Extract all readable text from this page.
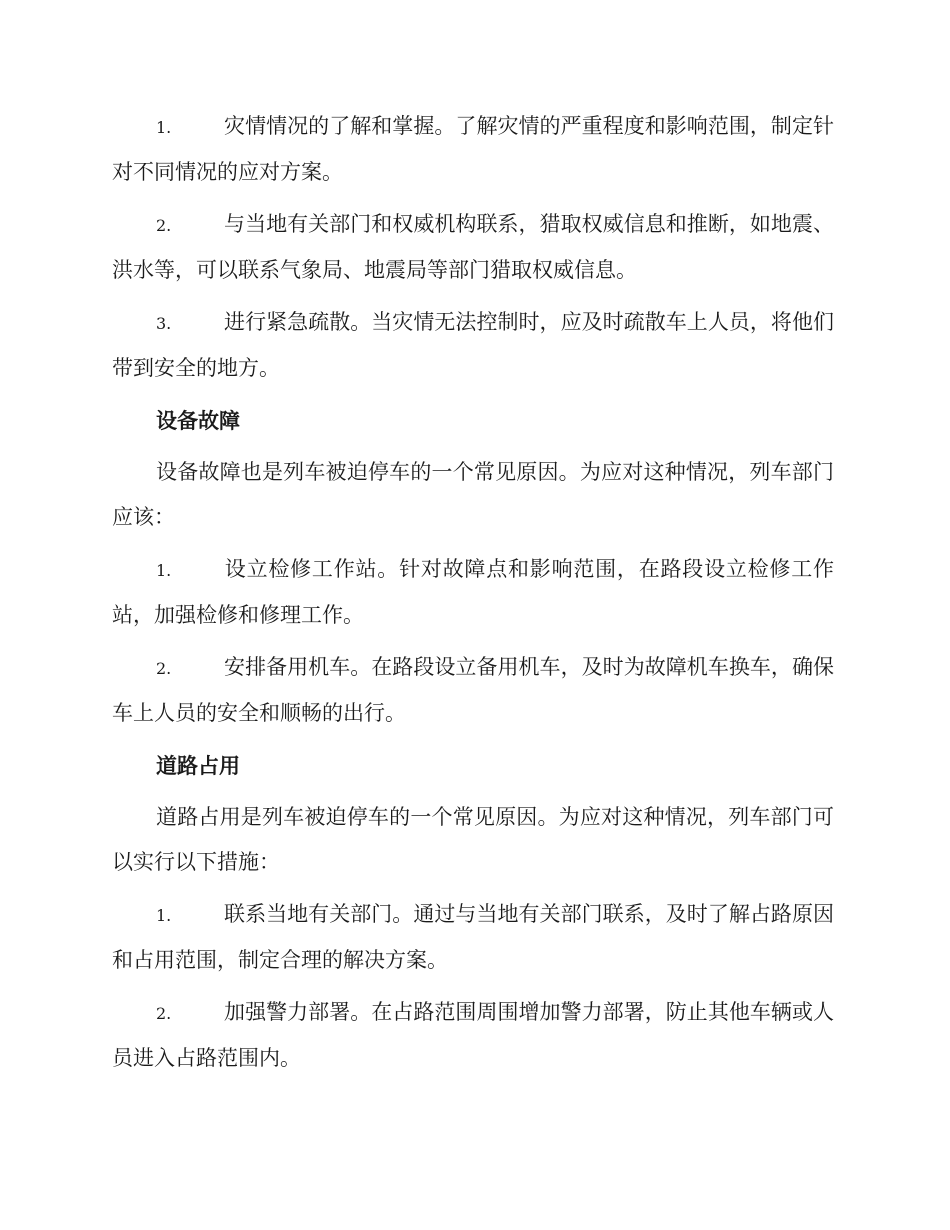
1.	灾情情况的了解和掌握。了解灾情的严重程度和影响范围，制定针对不同情况的应对方案。

2.	与当地有关部门和权威机构联系，猎取权威信息和推断，如地震、洪水等，可以联系气象局、地震局等部门猎取权威信息。

3.	进行紧急疏散。当灾情无法控制时，应及时疏散车上人员，将他们带到安全的地方。

设备故障

设备故障也是列车被迫停车的一个常见原因。为应对这种情况，列车部门应该：

1.	设立检修工作站。针对故障点和影响范围，在路段设立检修工作站，加强检修和修理工作。

2.	安排备用机车。在路段设立备用机车，及时为故障机车换车，确保车上人员的安全和顺畅的出行。

道路占用

道路占用是列车被迫停车的一个常见原因。为应对这种情况，列车部门可以实行以下措施：

1.	联系当地有关部门。通过与当地有关部门联系，及时了解占路原因和占用范围，制定合理的解决方案。

2.	加强警力部署。在占路范围周围增加警力部署，防止其他车辆或人员进入占路范围内。
